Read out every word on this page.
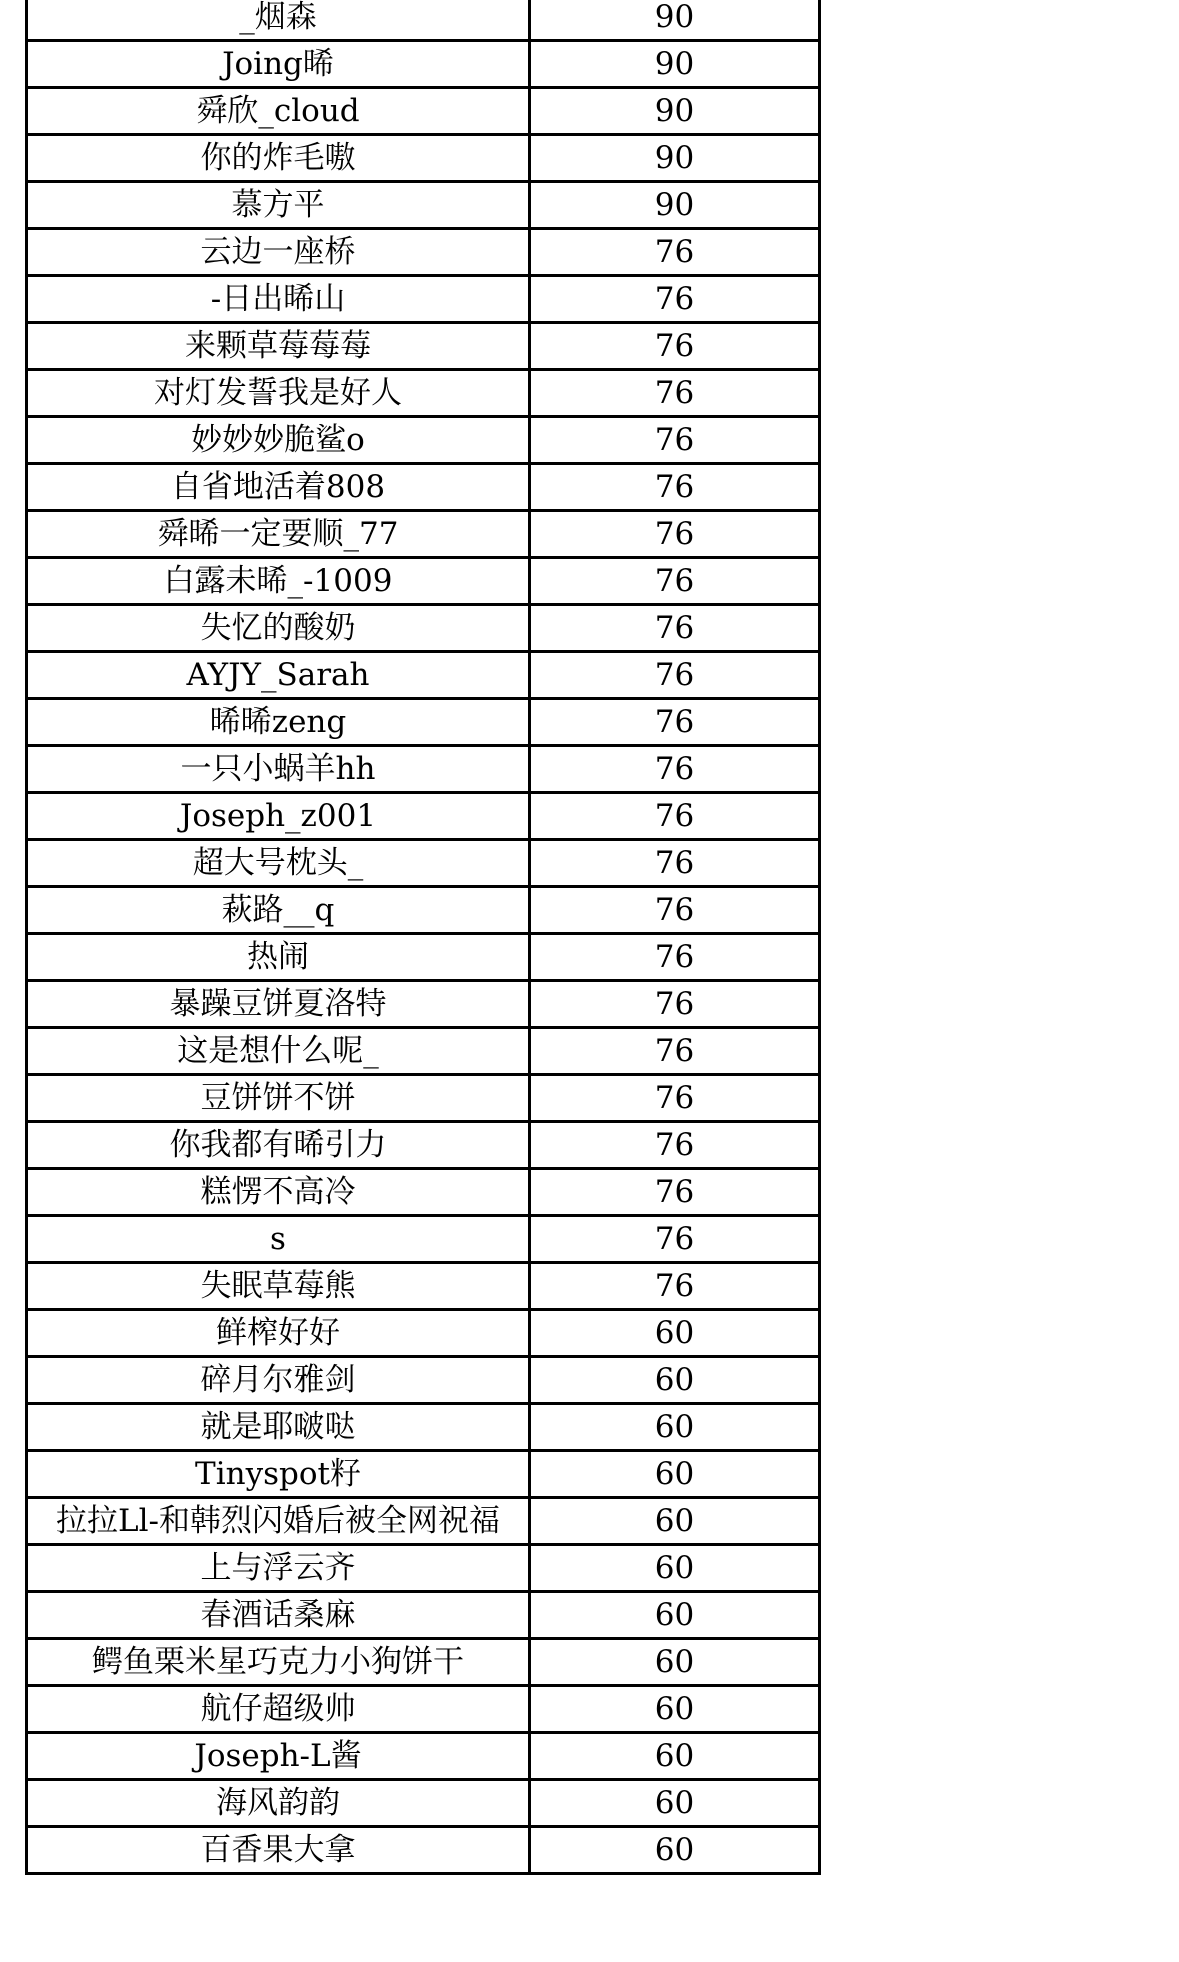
_烟森	90
Joing晞	90
舜欣_cloud	90
你的炸毛嗷	90
慕方平	90
云边一座桥	76
-日出晞山	76
来颗草莓莓莓	76
对灯发誓我是好人	76
妙妙妙脆鲨o	76
自省地活着808	76
舜晞一定要顺_77	76
白露未晞_-1009	76
失忆的酸奶	76
AYJY_Sarah	76
晞晞zeng	76
一只小蜗羊hh	76
Joseph_z001	76
超大号枕头_	76
萩路__q	76
热闹	76
暴躁豆饼夏洛特	76
这是想什么呢_	76
豆饼饼不饼	76
你我都有晞引力	76
糕愣不高冷	76
s	76
失眠草莓熊	76
鲜榨好好	60
碎月尔雅剑	60
就是耶啵哒	60
Tinyspot籽	60
拉拉Ll-和韩烈闪婚后被全网祝福	60
上与浮云齐	60
春酒话桑麻	60
鳄鱼栗米星巧克力小狗饼干	60
航仔超级帅	60
Joseph-L酱	60
海风韵韵	60
百香果大拿	60
